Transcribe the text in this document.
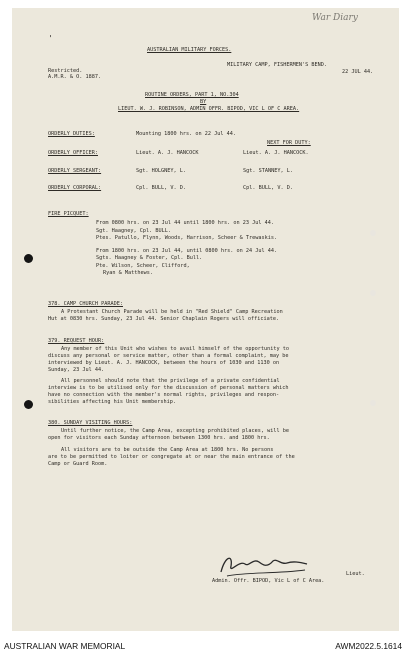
War Diary
'
AUSTRALIAN MILITARY FORCES.
Restricted.
A.M.R. & O. 1887.
MILITARY CAMP, FISHERMEN'S BEND.
22 JUL 44.
ROUTINE ORDERS, PART 1, NO.304
BY
LIEUT. W. J. ROBINSON, ADMIN OFFR. BIPOD, VIC L OF C AREA.
ORDERLY DUTIES:	Mounting 1800 hrs. on 22 Jul 44.
NEXT FOR DUTY:
ORDERLY OFFICER:	Lieut. A. J. HANCOCK	Lieut. A. J. HANCOCK.
ORDERLY SERGEANT:	Sgt. HOLGNEY, L.	Sgt. STANNEY, L.
ORDERLY CORPORAL:	Cpl. BULL, V. D.	Cpl. BULL, V. D.
FIRE PICQUET:
From 0800 hrs. on 23 Jul 44 until 1800 hrs. on 23 Jul 44.
Sgt. Haagney, Cpl. BULL.
Ptes. Patullo, Flynn, Woods, Harrison, Scheer & Trewaskis.
From 1800 hrs. on 23 Jul 44, until 0800 hrs. on 24 Jul 44.
Sgts. Haagney & Foster, Cpl. Bull.
Pte. Wilson, Scheer, Clifford,
Ryan & Matthews.
378. CAMP CHURCH PARADE:
A Protestant Church Parade will be held in "Red Shield" Camp Recreation
Hut at 0830 hrs. Sunday, 23 Jul 44. Senior Chaplain Rogers will officiate.
379. REQUEST HOUR:
Any member of this Unit who wishes to avail himself of the opportunity to
discuss any personal or service matter, other than a formal complaint, may be
interviewed by Lieut. A. J. HANCOCK, between the hours of 1030 and 1130 on
Sunday, 23 Jul 44.
All personnel should note that the privilege of a private confidential
interview is to be utilised only for the discussion of personal matters which
have no connection with the member's normal rights, privileges and respon-
sibilities affecting his Unit membership.
380. SUNDAY VISITING HOURS:
Until further notice, the Camp Area, excepting prohibited places, will be
open for visitors each Sunday afternoon between 1300 hrs. and 1800 hrs.
All visitors are to be outside the Camp Area at 1800 hrs. No persons
are to be permitted to loiter or congregate at or near the main entrance of the
Camp or Guard Room.
Lieut.
Admin. Offr. BIPOD, Vic L of C Area.
AUSTRALIAN WAR MEMORIAL	AWM2022.5.1614
